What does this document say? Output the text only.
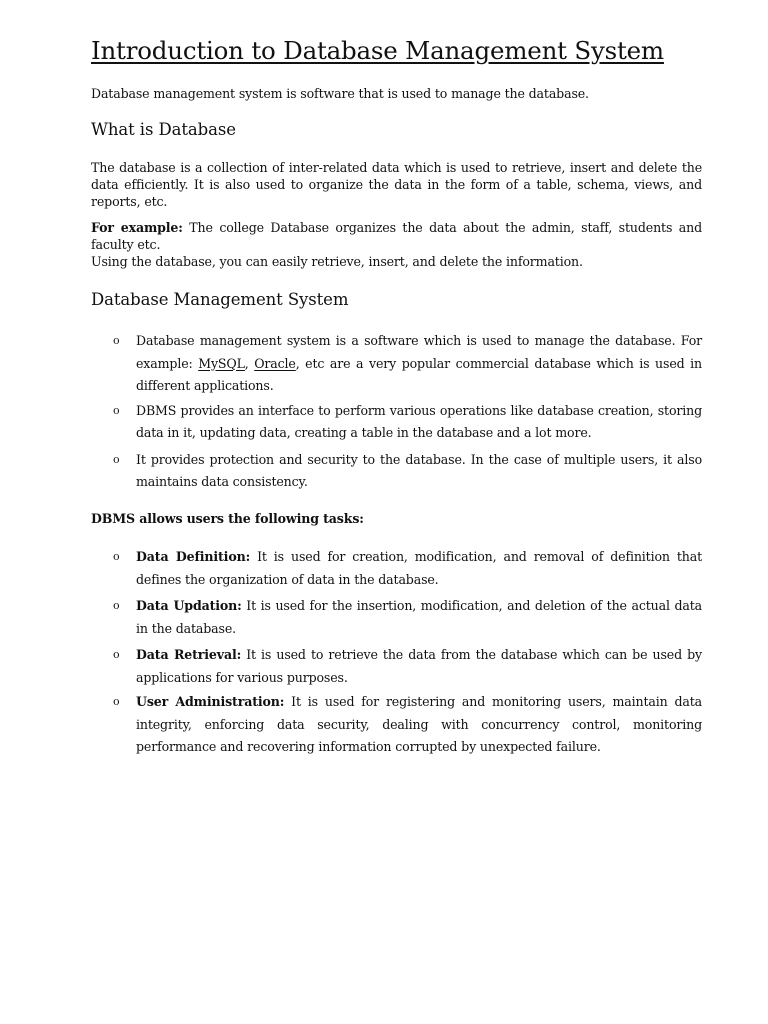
Introduction to Database Management System

Database management system is software that is used to manage the database.

What is Database

The database is a collection of inter-related data which is used to retrieve, insert and delete the data efficiently. It is also used to organize the data in the form of a table, schema, views, and reports, etc.

For example: The college Database organizes the data about the admin, staff, students and faculty etc.

Using the database, you can easily retrieve, insert, and delete the information.

Database Management System
o Database management system is a software which is used to manage the database. For example: MySQL, Oracle, etc are a very popular commercial database which is used in different applications.
o DBMS provides an interface to perform various operations like database creation, storing data in it, updating data, creating a table in the database and a lot more.
o It provides protection and security to the database. In the case of multiple users, it also maintains data consistency.

DBMS allows users the following tasks:

o Data Definition: It is used for creation, modification, and removal of definition that defines the organization of data in the database.
o Data Updation: It is used for the insertion, modification, and deletion of the actual data in the database.
o Data Retrieval: It is used to retrieve the data from the database which can be used by applications for various purposes.
o User Administration: It is used for registering and monitoring users, maintain data integrity, enforcing data security, dealing with concurrency control, monitoring performance and recovering information corrupted by unexpected failure.
